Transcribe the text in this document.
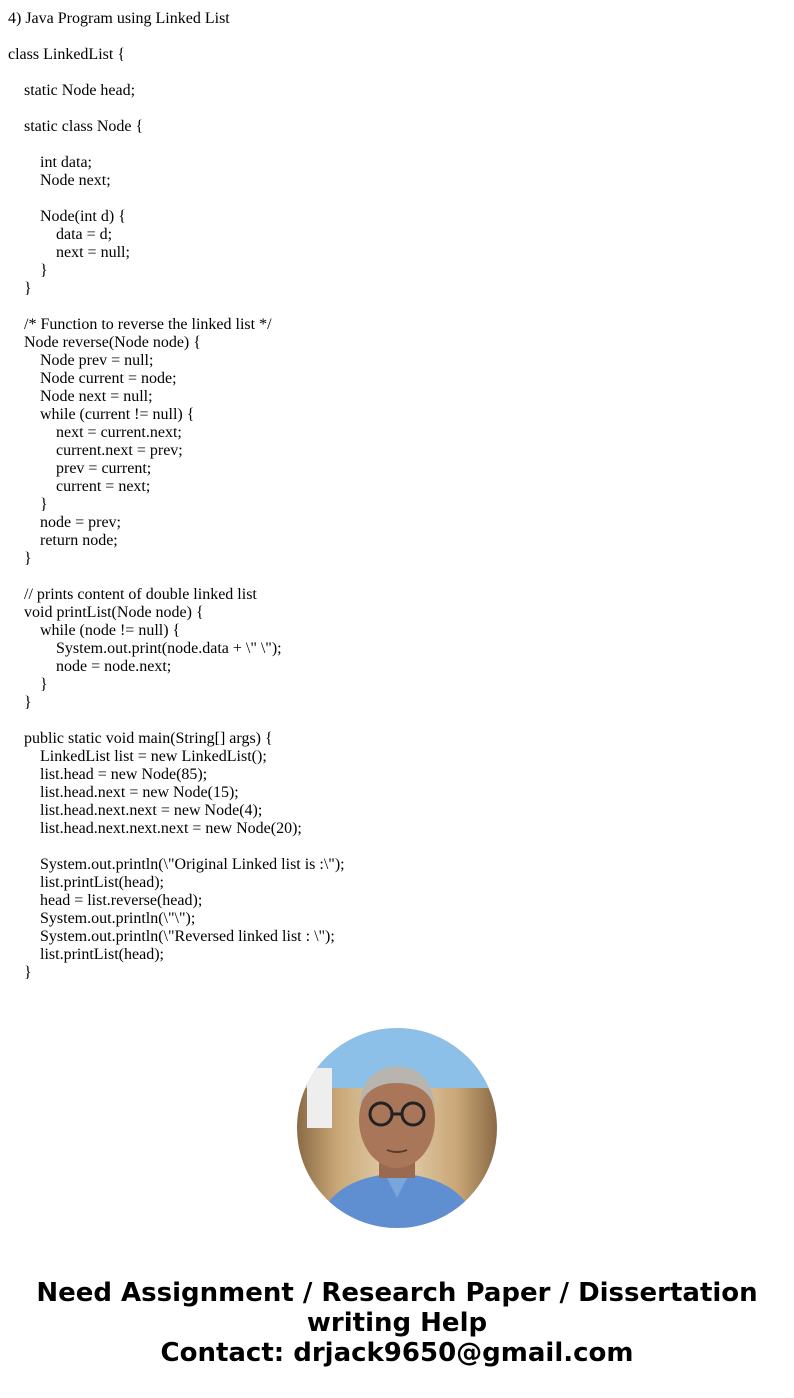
4) Java Program using Linked List
class LinkedList {
static Node head;
static class Node {
int data;
Node next;
Node(int d) {
data = d;
next = null;
}
}
/* Function to reverse the linked list */
Node reverse(Node node) {
Node prev = null;
Node current = node;
Node next = null;
while (current != null) {
next = current.next;
current.next = prev;
prev = current;
current = next;
}
node = prev;
return node;
}
// prints content of double linked list
void printList(Node node) {
while (node != null) {
System.out.print(node.data + \" \");
node = node.next;
}
}
public static void main(String[] args) {
LinkedList list = new LinkedList();
list.head = new Node(85);
list.head.next = new Node(15);
list.head.next.next = new Node(4);
list.head.next.next.next = new Node(20);
System.out.println(\"Original Linked list is :\");
list.printList(head);
head = list.reverse(head);
System.out.println(\"\");
System.out.println(\"Reversed linked list : \");
list.printList(head);
}
Need Assignment / Research Paper / Dissertation
writing Help
Contact: drjack9650@gmail.com
